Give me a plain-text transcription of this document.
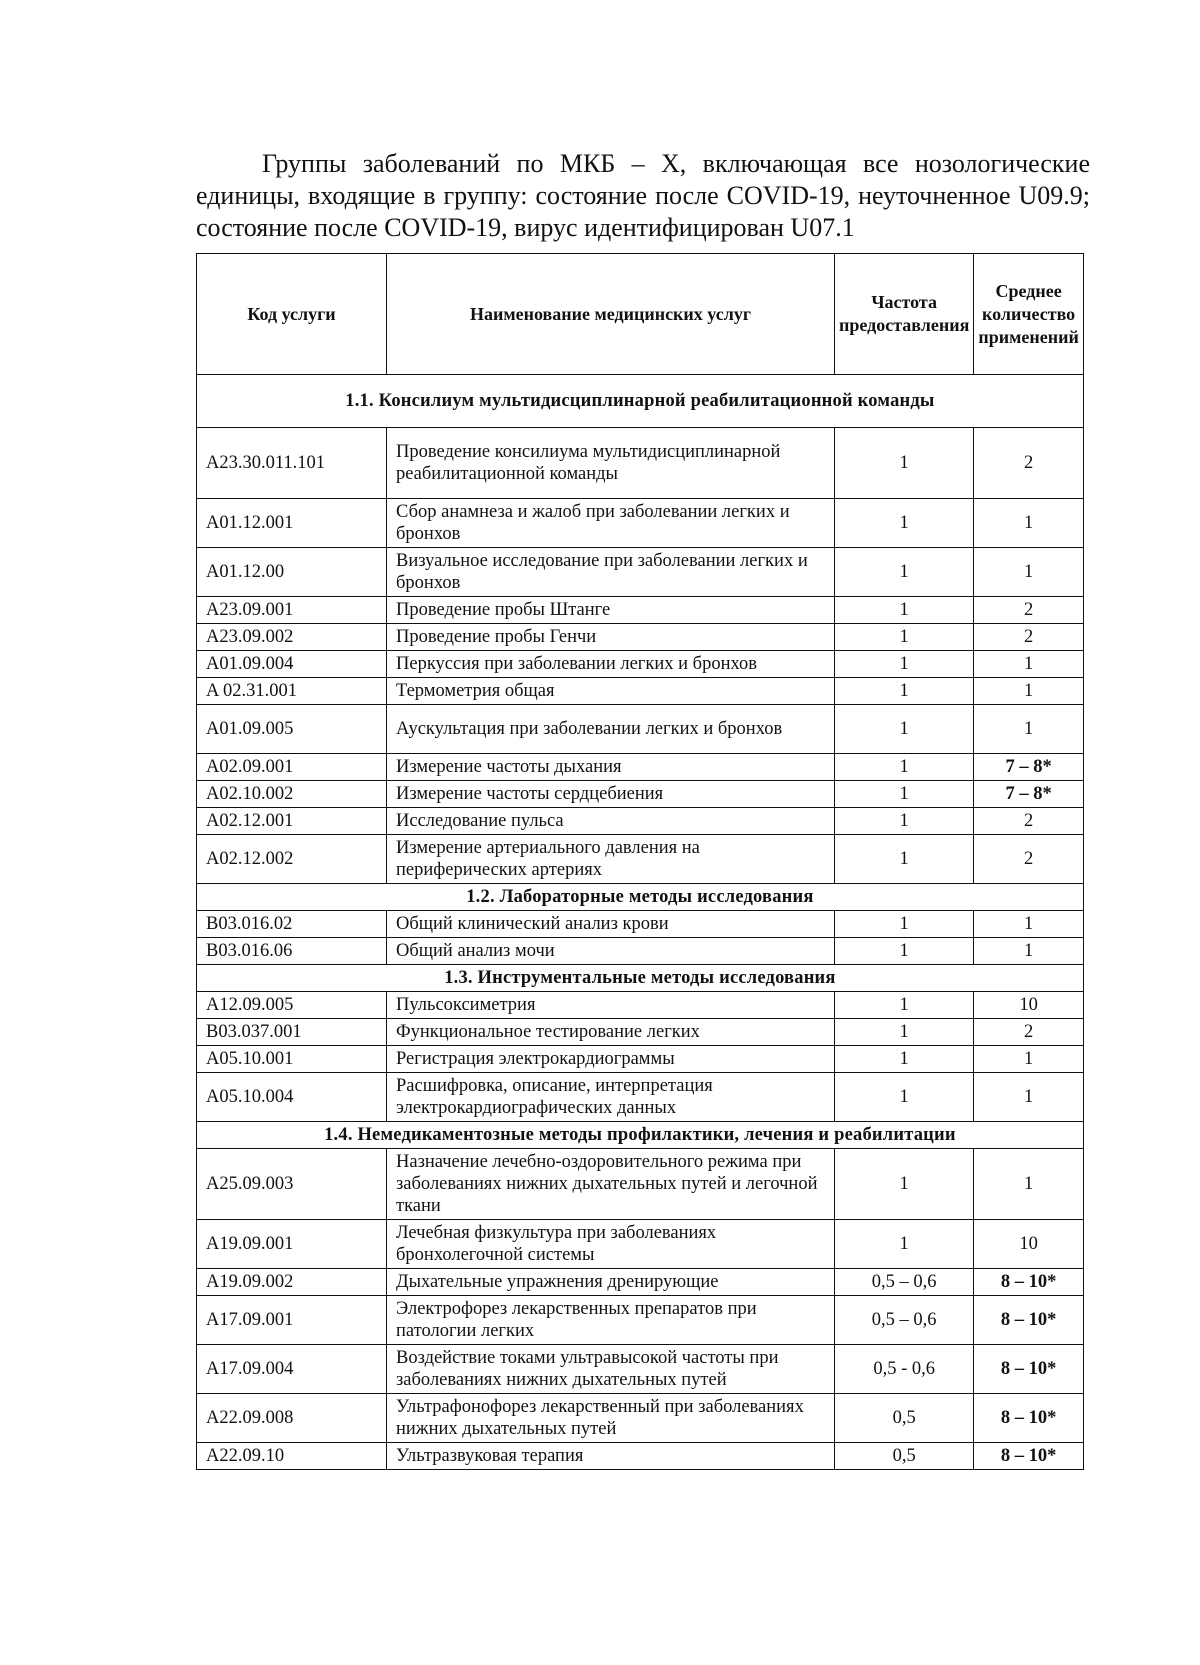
Группы заболеваний по МКБ – X, включающая все нозологические единицы, входящие в группу: состояние после COVID-19, неуточненное U09.9; состояние после COVID-19, вирус идентифицирован U07.1

Код услуги	Наименование медицинских услуг	Частота предоставления	Среднее количество применений
1.1. Консилиум мультидисциплинарной реабилитационной команды			
A23.30.011.101	Проведение консилиума мультидисциплинарной реабилитационной команды	1	2
A01.12.001	Сбор анамнеза и жалоб при заболевании легких и бронхов	1	1
A01.12.00	Визуальное исследование при заболевании легких и бронхов	1	1
A23.09.001	Проведение пробы Штанге	1	2
A23.09.002	Проведение пробы Генчи	1	2
A01.09.004	Перкуссия при заболевании легких и бронхов	1	1
A 02.31.001	Термометрия общая	1	1
A01.09.005	Аускультация при заболевании легких и бронхов	1	1
A02.09.001	Измерение частоты дыхания	1	7 – 8*
A02.10.002	Измерение частоты сердцебиения	1	7 – 8*
A02.12.001	Исследование пульса	1	2
A02.12.002	Измерение артериального давления на периферических артериях	1	2
1.2. Лабораторные методы исследования			
B03.016.02	Общий клинический анализ крови	1	1
B03.016.06	Общий анализ мочи	1	1
1.3. Инструментальные методы исследования			
A12.09.005	Пульсоксиметрия	1	10
B03.037.001	Функциональное тестирование легких	1	2
A05.10.001	Регистрация электрокардиограммы	1	1
A05.10.004	Расшифровка, описание, интерпретация электрокардиографических данных	1	1
1.4. Немедикаментозные методы профилактики, лечения и реабилитации			
A25.09.003	Назначение лечебно-оздоровительного режима при заболеваниях нижних дыхательных путей и легочной ткани	1	1
A19.09.001	Лечебная физкультура при заболеваниях бронхолегочной системы	1	10
A19.09.002	Дыхательные упражнения дренирующие	0,5 – 0,6	8 – 10*
A17.09.001	Электрофорез лекарственных препаратов при патологии легких	0,5 – 0,6	8 – 10*
A17.09.004	Воздействие токами ультравысокой частоты при заболеваниях нижних дыхательных путей	0,5 - 0,6	8 – 10*
A22.09.008	Ультрафонофорез лекарственный при заболеваниях нижних дыхательных путей	0,5	8 – 10*
A22.09.10	Ультразвуковая терапия	0,5	8 – 10*
